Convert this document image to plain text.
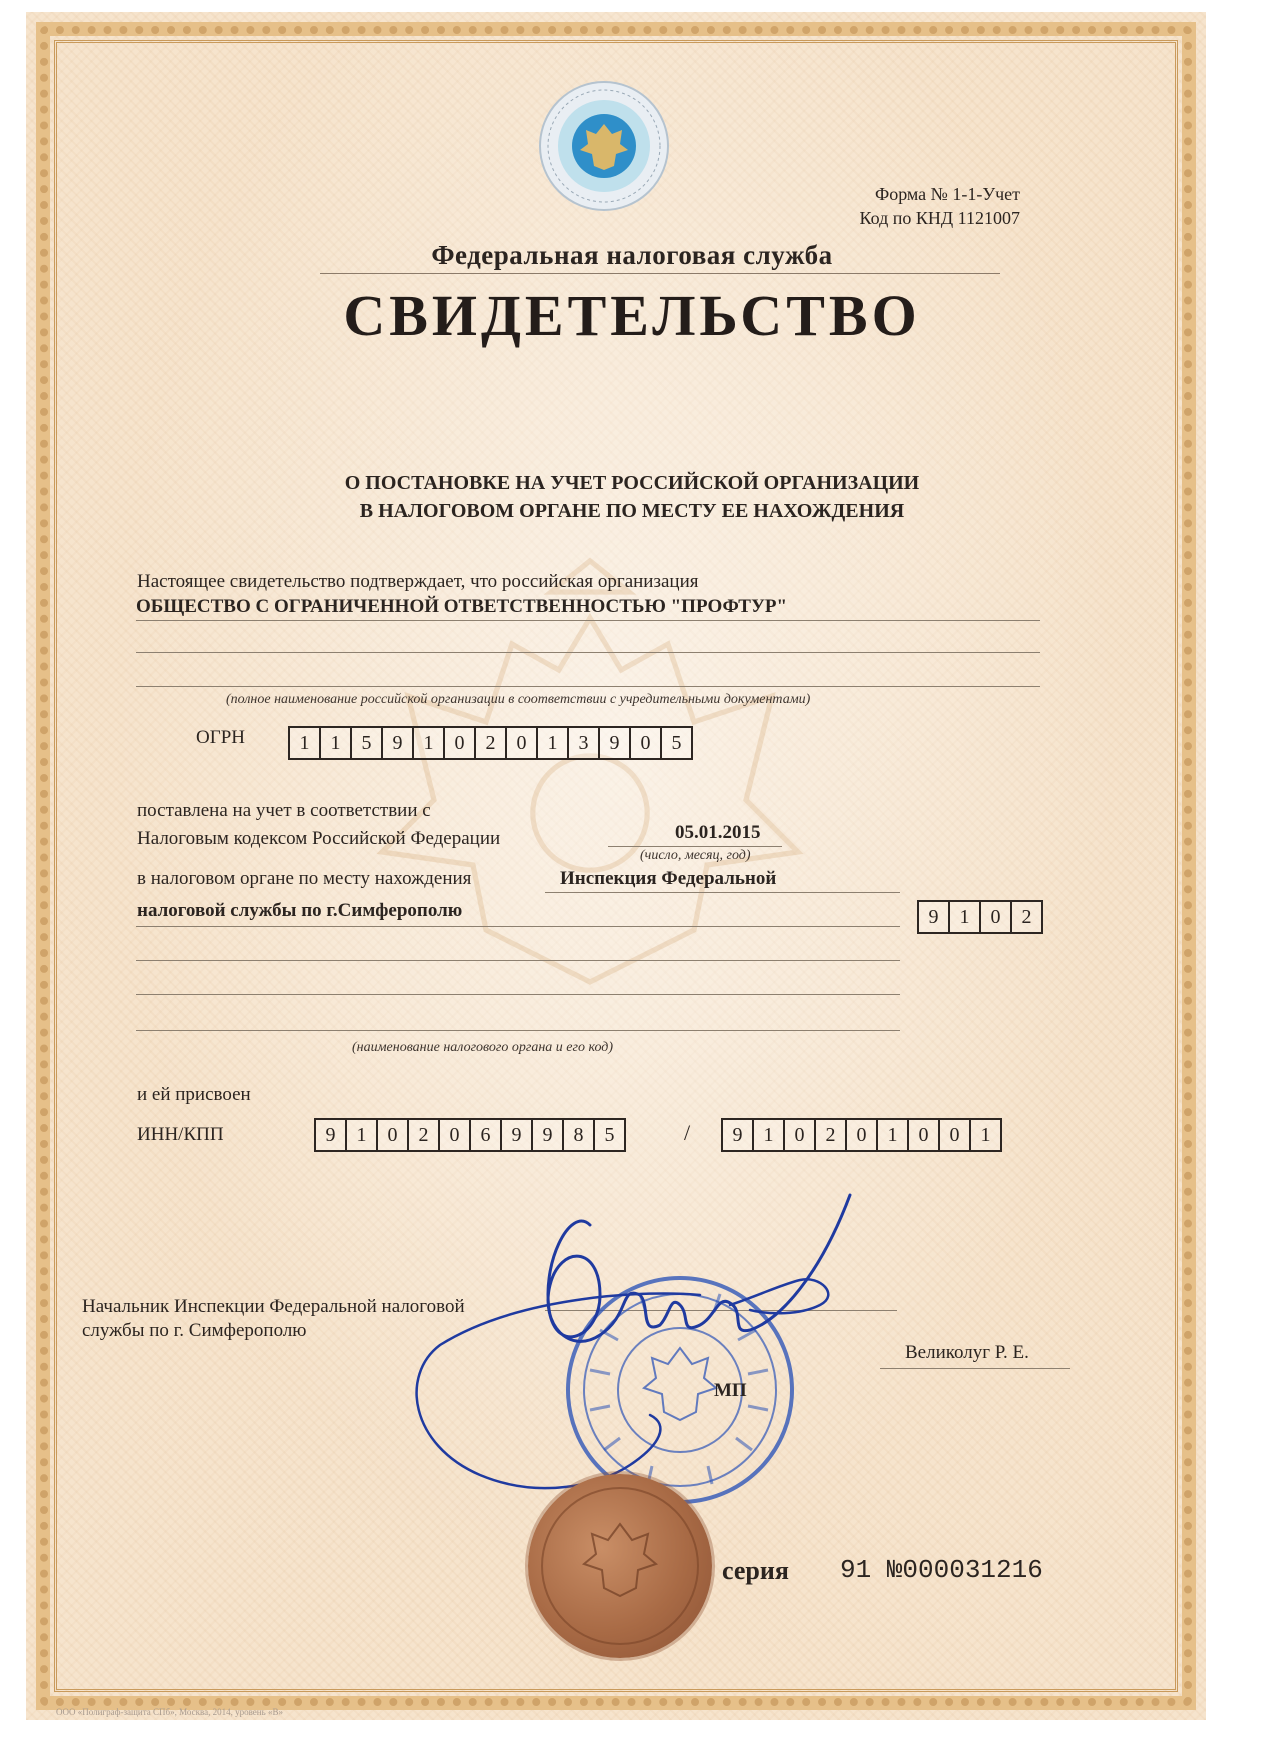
Форма № 1-1-Учет
Код по КНД 1121007
Федеральная налоговая служба
СВИДЕТЕЛЬСТВО
О ПОСТАНОВКЕ НА УЧЕТ РОССИЙСКОЙ ОРГАНИЗАЦИИ
В НАЛОГОВОМ ОРГАНЕ ПО МЕСТУ ЕЕ НАХОЖДЕНИЯ
Настоящее свидетельство подтверждает, что российская организация
ОБЩЕСТВО С ОГРАНИЧЕННОЙ ОТВЕТСТВЕННОСТЬЮ "ПРОФТУР"
(полное наименование российской организации в соответствии с учредительными документами)
ОГРН	1	1	5	9	1	0	2	0	1	3	9	0	5
поставлена на учет в соответствии с
Налоговым кодексом Российской Федерации	05.01.2015
(число, месяц, год)
в налоговом органе по месту нахождения	Инспекция Федеральной
налоговой службы по г.Симферополю	9	1	0	2
(наименование налогового органа и его код)
и ей присвоен
ИНН/КПП	9	1	0	2	0	6	9	9	8	5	/	9	1	0	2	0	1	0	0	1
Начальник Инспекции Федеральной налоговой
службы по г. Симферополю
Великолуг Р. Е.
МП
серия 91 №000031216
ООО «Полиграф-защита СПб», Москва, 2014, уровень «В»
